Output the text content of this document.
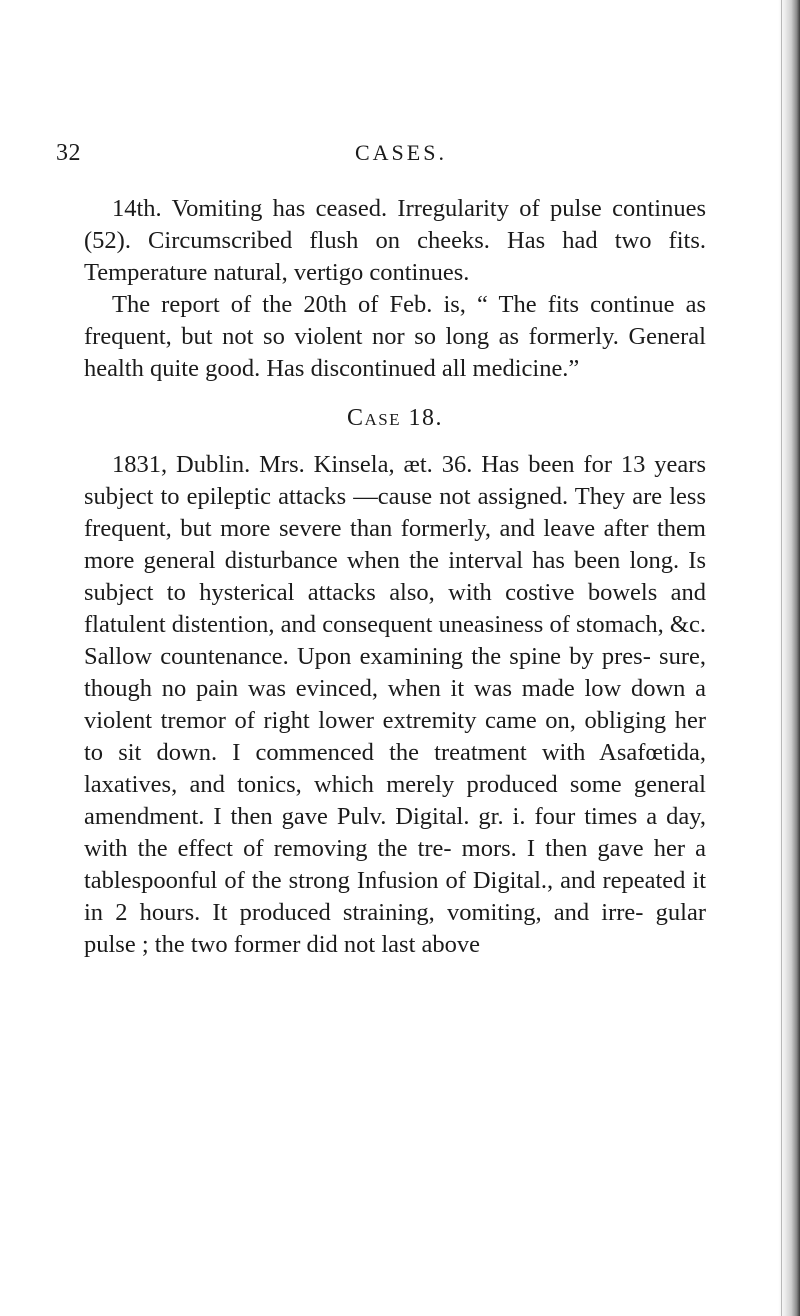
32	CASES.

14th. Vomiting has ceased. Irregularity of pulse continues (52). Circumscribed flush on cheeks. Has had two fits. Temperature natural, vertigo continues.

The report of the 20th of Feb. is, “ The fits continue as frequent, but not so violent nor so long as formerly. General health quite good. Has discontinued all medicine.”

Case 18.

1831, Dublin. Mrs. Kinsela, æt. 36. Has been for 13 years subject to epileptic attacks —cause not assigned. They are less frequent, but more severe than formerly, and leave after them more general disturbance when the interval has been long. Is subject to hysterical attacks also, with costive bowels and flatulent distention, and consequent uneasiness of stomach, &c. Sallow countenance. Upon examining the spine by pres- sure, though no pain was evinced, when it was made low down a violent tremor of right lower extremity came on, obliging her to sit down. I commenced the treatment with Asafœtida, laxatives, and tonics, which merely produced some general amendment. I then gave Pulv. Digital. gr. i. four times a day, with the effect of removing the tre- mors. I then gave her a tablespoonful of the strong Infusion of Digital., and repeated it in 2 hours. It produced straining, vomiting, and irre- gular pulse ; the two former did not last above
